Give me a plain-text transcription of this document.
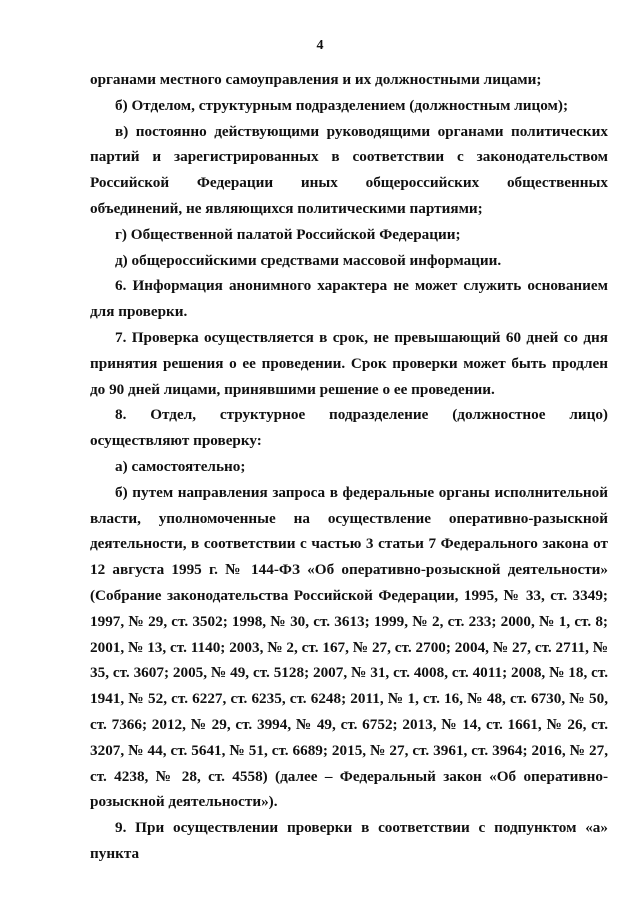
4

органами местного самоуправления и их должностными лицами;

б) Отделом, структурным подразделением (должностным лицом);

в) постоянно действующими руководящими органами политических партий и зарегистрированных в соответствии с законодательством Российской Федерации иных общероссийских общественных объединений, не являющихся политическими партиями;

г) Общественной палатой Российской Федерации;

д) общероссийскими средствами массовой информации.

6. Информация анонимного характера не может служить основанием для проверки.

7. Проверка осуществляется в срок, не превышающий 60 дней со дня принятия решения о ее проведении. Срок проверки может быть продлен до 90 дней лицами, принявшими решение о ее проведении.

8. Отдел, структурное подразделение (должностное лицо) осуществляют проверку:

а) самостоятельно;

б) путем направления запроса в федеральные органы исполнительной власти, уполномоченные на осуществление оперативно-разыскной деятельности, в соответствии с частью 3 статьи 7 Федерального закона от 12 августа 1995 г. № 144-ФЗ «Об оперативно-розыскной деятельности» (Собрание законодательства Российской Федерации, 1995, № 33, ст. 3349; 1997, № 29, ст. 3502; 1998, № 30, ст. 3613; 1999, № 2, ст. 233; 2000, № 1, ст. 8; 2001, № 13, ст. 1140; 2003, № 2, ст. 167, № 27, ст. 2700; 2004, № 27, ст. 2711, № 35, ст. 3607; 2005, № 49, ст. 5128; 2007, № 31, ст. 4008, ст. 4011; 2008, № 18, ст. 1941, № 52, ст. 6227, ст. 6235, ст. 6248; 2011, № 1, ст. 16, № 48, ст. 6730, № 50, ст. 7366; 2012, № 29, ст. 3994, № 49, ст. 6752; 2013, № 14, ст. 1661, № 26, ст. 3207, № 44, ст. 5641, № 51, ст. 6689; 2015, № 27, ст. 3961, ст. 3964; 2016, № 27, ст. 4238, № 28, ст. 4558) (далее – Федеральный закон «Об оперативно-розыскной деятельности»).

9. При осуществлении проверки в соответствии с подпунктом «а» пункта
